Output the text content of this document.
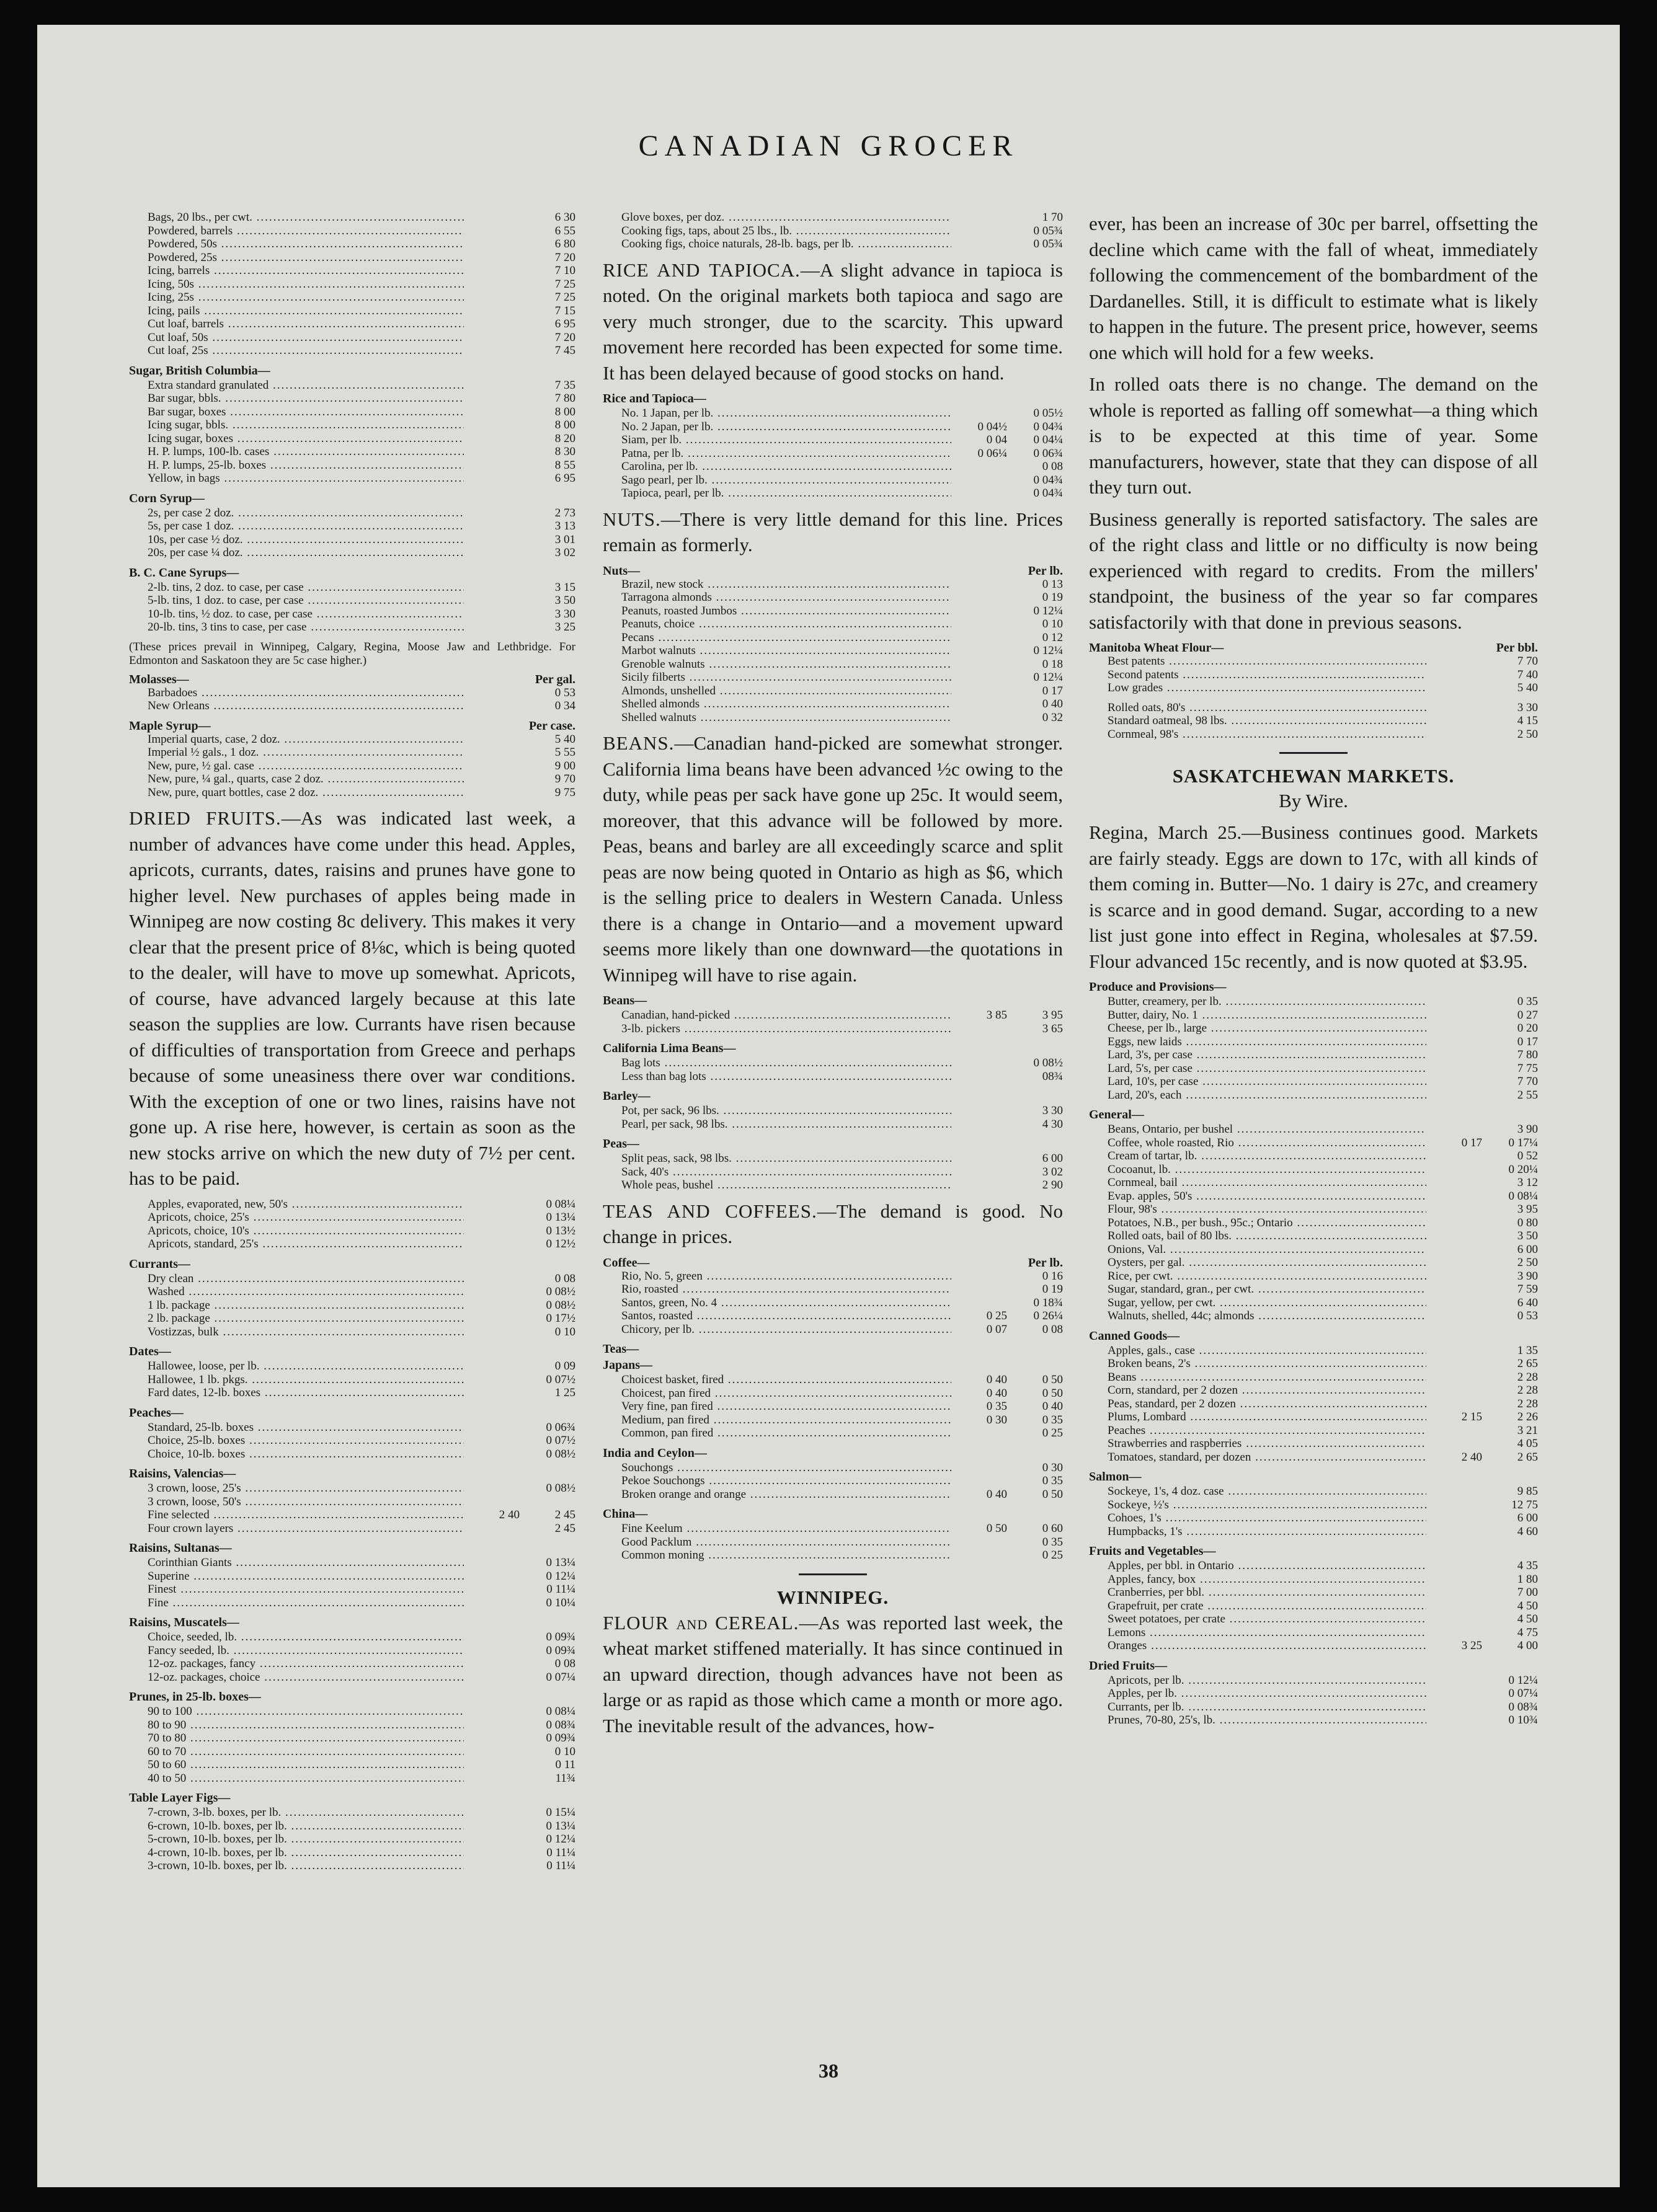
CANADIAN GROCER
Bags, 20 lbs., per cwt. .....	6 30
Powdered, barrels .....	6 55
Powdered, 50s .....	6 80
Powdered, 25s .....	7 20
Icing, barrels .....	7 10
Icing, 50s .....	7 25
Icing, 25s .....	7 25
Icing, pails .....	7 15
Cut loaf, barrels .....	6 95
Cut loaf, 50s .....	7 20
Cut loaf, 25s .....	7 45
Sugar, British Columbia—
Extra standard granulated .....	7 35
Bar sugar, bbls. .....	7 80
Bar sugar, boxes .....	8 00
Icing sugar, bbls. .....	8 00
Icing sugar, boxes .....	8 20
H. P. lumps, 100-lb. cases .....	8 30
H. P. lumps, 25-lb. boxes .....	8 55
Yellow, in bags .....	6 95
Corn Syrup—
2s, per case 2 doz. .....	2 73
5s, per case 1 doz. .....	3 13
10s, per case ½ doz. .....	3 01
20s, per case ¼ doz. .....	3 02
B. C. Cane Syrups—
2-lb. tins, 2 doz. to case, per case .....	3 15
5-lb. tins, 1 doz. to case, per case .....	3 50
10-lb. tins, ½ doz. to case, per case .....	3 30
20-lb. tins, 3 tins to case, per case .....	3 25
(These prices prevail in Winnipeg, Calgary, Regina, Moose Jaw and Lethbridge. For Edmonton and Saskatoon they are 5c case higher.)
Molasses—	Per gal.
Barbadoes .....	0 53
New Orleans .....	0 34
Maple Syrup—	Per case.
Imperial quarts, case, 2 doz. .....	5 40
Imperial ½ gals., 1 doz. .....	5 55
New, pure, ½ gal. case .....	9 00
New, pure, ¼ gal., quarts, case 2 doz. .....	9 70
New, pure, quart bottles, case 2 doz. .....	9 75

DRIED FRUITS.—As was indicated last week, a number of advances have come under this head. Apples, apricots, currants, dates, raisins and prunes have gone to higher level. New purchases of apples being made in Winnipeg are now costing 8c delivery. This makes it very clear that the present price of 8⅛c, which is being quoted to the dealer, will have to move up somewhat. Apricots, of course, have advanced largely because at this late season the supplies are low. Currants have risen because of difficulties of transportation from Greece and perhaps because of some uneasiness there over war conditions. With the exception of one or two lines, raisins have not gone up. A rise here, however, is certain as soon as the new stocks arrive on which the new duty of 7½ per cent. has to be paid.

Apples, evaporated, new, 50's .....	0 08¼
Apricots, choice, 25's .....	0 13¼
Apricots, choice, 10's .....	0 13½
Apricots, standard, 25's .....	0 12½
Currants—
Dry clean .....	0 08
Washed .....	0 08½
1 lb. package .....	0 08½
2 lb. package .....	0 17½
Vostizzas, bulk .....	0 10
Dates—
Hallowee, loose, per lb. .....	0 09
Hallowee, 1 lb. pkgs. .....	0 07½
Fard dates, 12-lb. boxes .....	1 25
Peaches—
Standard, 25-lb. boxes .....	0 06¾
Choice, 25-lb. boxes .....	0 07½
Choice, 10-lb. boxes .....	0 08½
Raisins, Valencias—
3 crown, loose, 25's .....	0 08½
3 crown, loose, 50's .....
Fine selected .....	2 40	2 45
Four crown layers .....	2 45
Raisins, Sultanas—
Corinthian Giants .....	0 13¼
Superine .....	0 12¼
Finest .....	0 11¼
Fine .....	0 10¼
Raisins, Muscatels—
Choice, seeded, lb. .....	0 09¾
Fancy seeded, lb. .....	0 09¾
12-oz. packages, fancy .....	0 08
12-oz. packages, choice .....	0 07¼
Prunes, in 25-lb. boxes—
90 to 100 .....	0 08¼
80 to 90 .....	0 08¾
70 to 80 .....	0 09¾
60 to 70 .....	0 10
50 to 60 .....	0 11
40 to 50 .....	11¾
Table Layer Figs—
7-crown, 3-lb. boxes, per lb. .....	0 15¼
6-crown, 10-lb. boxes, per lb. .....	0 13¼
5-crown, 10-lb. boxes, per lb. .....	0 12¼
4-crown, 10-lb. boxes, per lb. .....	0 11¼
3-crown, 10-lb. boxes, per lb. .....	0 11¼
Glove boxes, per doz. .....	1 70
Cooking figs, taps, about 25 lbs., lb. .....	0 05¾
Cooking figs, choice naturals, 28-lb. bags, per lb. .....	0 05¾

RICE AND TAPIOCA.—A slight advance in tapioca is noted. On the original markets both tapioca and sago are very much stronger, due to the scarcity. This upward movement here recorded has been expected for some time. It has been delayed because of good stocks on hand.

Rice and Tapioca—
No. 1 Japan, per lb. .....	0 05½
No. 2 Japan, per lb. .....	0 04½	0 04¾
Siam, per lb. .....	0 04	0 04¼
Patna, per lb. .....	0 06¼	0 06¾
Carolina, per lb. .....	0 08
Sago pearl, per lb. .....	0 04¾
Tapioca, pearl, per lb. .....	0 04¾

NUTS.—There is very little demand for this line. Prices remain as formerly.

Nuts—	Per lb.
Brazil, new stock .....	0 13
Tarragona almonds .....	0 19
Peanuts, roasted Jumbos .....	0 12¼
Peanuts, choice .....	0 10
Pecans .....	0 12
Marbot walnuts .....	0 12¼
Grenoble walnuts .....	0 18
Sicily filberts .....	0 12¼
Almonds, unshelled .....	0 17
Shelled almonds .....	0 40
Shelled walnuts .....	0 32

BEANS.—Canadian hand-picked are somewhat stronger. California lima beans have been advanced ½c owing to the duty, while peas per sack have gone up 25c. It would seem, moreover, that this advance will be followed by more. Peas, beans and barley are all exceedingly scarce and split peas are now being quoted in Ontario as high as $6, which is the selling price to dealers in Western Canada. Unless there is a change in Ontario—and a movement upward seems more likely than one downward—the quotations in Winnipeg will have to rise again.

Beans—
Canadian, hand-picked .....	3 85	3 95
3-lb. pickers .....	3 65
California Lima Beans—
Bag lots .....	0 08½
Less than bag lots .....	08¾
Barley—
Pot, per sack, 96 lbs. .....	3 30
Pearl, per sack, 98 lbs. .....	4 30
Peas—
Split peas, sack, 98 lbs. .....	6 00
Sack, 40's .....	3 02
Whole peas, bushel .....	2 90

TEAS AND COFFEES.—The demand is good. No change in prices.

Coffee—	Per lb.
Rio, No. 5, green .....	0 16
Rio, roasted .....	0 19
Santos, green, No. 4 .....	0 18¾
Santos, roasted .....	0 25	0 26¼
Chicory, per lb. .....	0 07	0 08
Teas—
Japans—
Choicest basket, fired .....	0 40	0 50
Choicest, pan fired .....	0 40	0 50
Very fine, pan fired .....	0 35	0 40
Medium, pan fired .....	0 30	0 35
Common, pan fired .....	0 25
India and Ceylon—
Souchongs .....	0 30
Pekoe Souchongs .....	0 35
Broken orange and orange .....	0 40	0 50
China—
Fine Keelum .....	0 50	0 60
Good Packlum .....	0 35
Common moning .....	0 25
WINNIPEG.

FLOUR and CEREAL.—As was reported last week, the wheat market stiffened materially. It has since continued in an upward direction, though advances have not been as large or as rapid as those which came a month or more ago. The inevitable result of the advances, how-

ever, has been an increase of 30c per barrel, offsetting the decline which came with the fall of wheat, immediately following the commencement of the bombardment of the Dardanelles. Still, it is difficult to estimate what is likely to happen in the future. The present price, however, seems one which will hold for a few weeks.

In rolled oats there is no change. The demand on the whole is reported as falling off somewhat—a thing which is to be expected at this time of year. Some manufacturers, however, state that they can dispose of all they turn out.

Business generally is reported satisfactory. The sales are of the right class and little or no difficulty is now being experienced with regard to credits. From the millers' standpoint, the business of the year so far compares satisfactorily with that done in previous seasons.

Manitoba Wheat Flour—	Per bbl.
Best patents .....	7 70
Second patents .....	7 40
Low grades .....	5 40
Rolled oats, 80's .....	3 30
Standard oatmeal, 98 lbs. .....	4 15
Cornmeal, 98's .....	2 50
SASKATCHEWAN MARKETS.
By Wire.

Regina, March 25.—Business continues good. Markets are fairly steady. Eggs are down to 17c, with all kinds of them coming in. Butter—No. 1 dairy is 27c, and creamery is scarce and in good demand. Sugar, according to a new list just gone into effect in Regina, wholesales at $7.59. Flour advanced 15c recently, and is now quoted at $3.95.

Produce and Provisions—
Butter, creamery, per lb. .....	0 35
Butter, dairy, No. 1 .....	0 27
Cheese, per lb., large .....	0 20
Eggs, new laids .....	0 17
Lard, 3's, per case .....	7 80
Lard, 5's, per case .....	7 75
Lard, 10's, per case .....	7 70
Lard, 20's, each .....	2 55
General—
Beans, Ontario, per bushel .....	3 90
Coffee, whole roasted, Rio .....	0 17	0 17¼
Cream of tartar, lb. .....	0 52
Cocoanut, lb. .....	0 20¼
Cornmeal, bail .....	3 12
Evap. apples, 50's .....	0 08¼
Flour, 98's .....	3 95
Potatoes, N.B., per bush., 95c.; Ontario .....	0 80
Rolled oats, bail of 80 lbs. .....	3 50
Onions, Val. .....	6 00
Oysters, per gal. .....	2 50
Rice, per cwt. .....	3 90
Sugar, standard, gran., per cwt. .....	7 59
Sugar, yellow, per cwt. .....	6 40
Walnuts, shelled, 44c; almonds .....	0 53
Canned Goods—
Apples, gals., case .....	1 35
Broken beans, 2's .....	2 65
Beans .....	2 28
Corn, standard, per 2 dozen .....	2 28
Peas, standard, per 2 dozen .....	2 28
Plums, Lombard .....	2 15	2 26
Peaches .....	3 21
Strawberries and raspberries .....	4 05
Tomatoes, standard, per dozen .....	2 40	2 65
Salmon—
Sockeye, 1's, 4 doz. case .....	9 85
Sockeye, ½'s .....	12 75
Cohoes, 1's .....	6 00
Humpbacks, 1's .....	4 60
Fruits and Vegetables—
Apples, per bbl. in Ontario .....	4 35
Apples, fancy, box .....	1 80
Cranberries, per bbl. .....	7 00
Grapefruit, per crate .....	4 50
Sweet potatoes, per crate .....	4 50
Lemons .....	4 75
Oranges .....	3 25	4 00
Dried Fruits—
Apricots, per lb. .....	0 12¼
Apples, per lb. .....	0 07¼
Currants, per lb. .....	0 08¾
Prunes, 70-80, 25's, lb. .....	0 10¾
38
